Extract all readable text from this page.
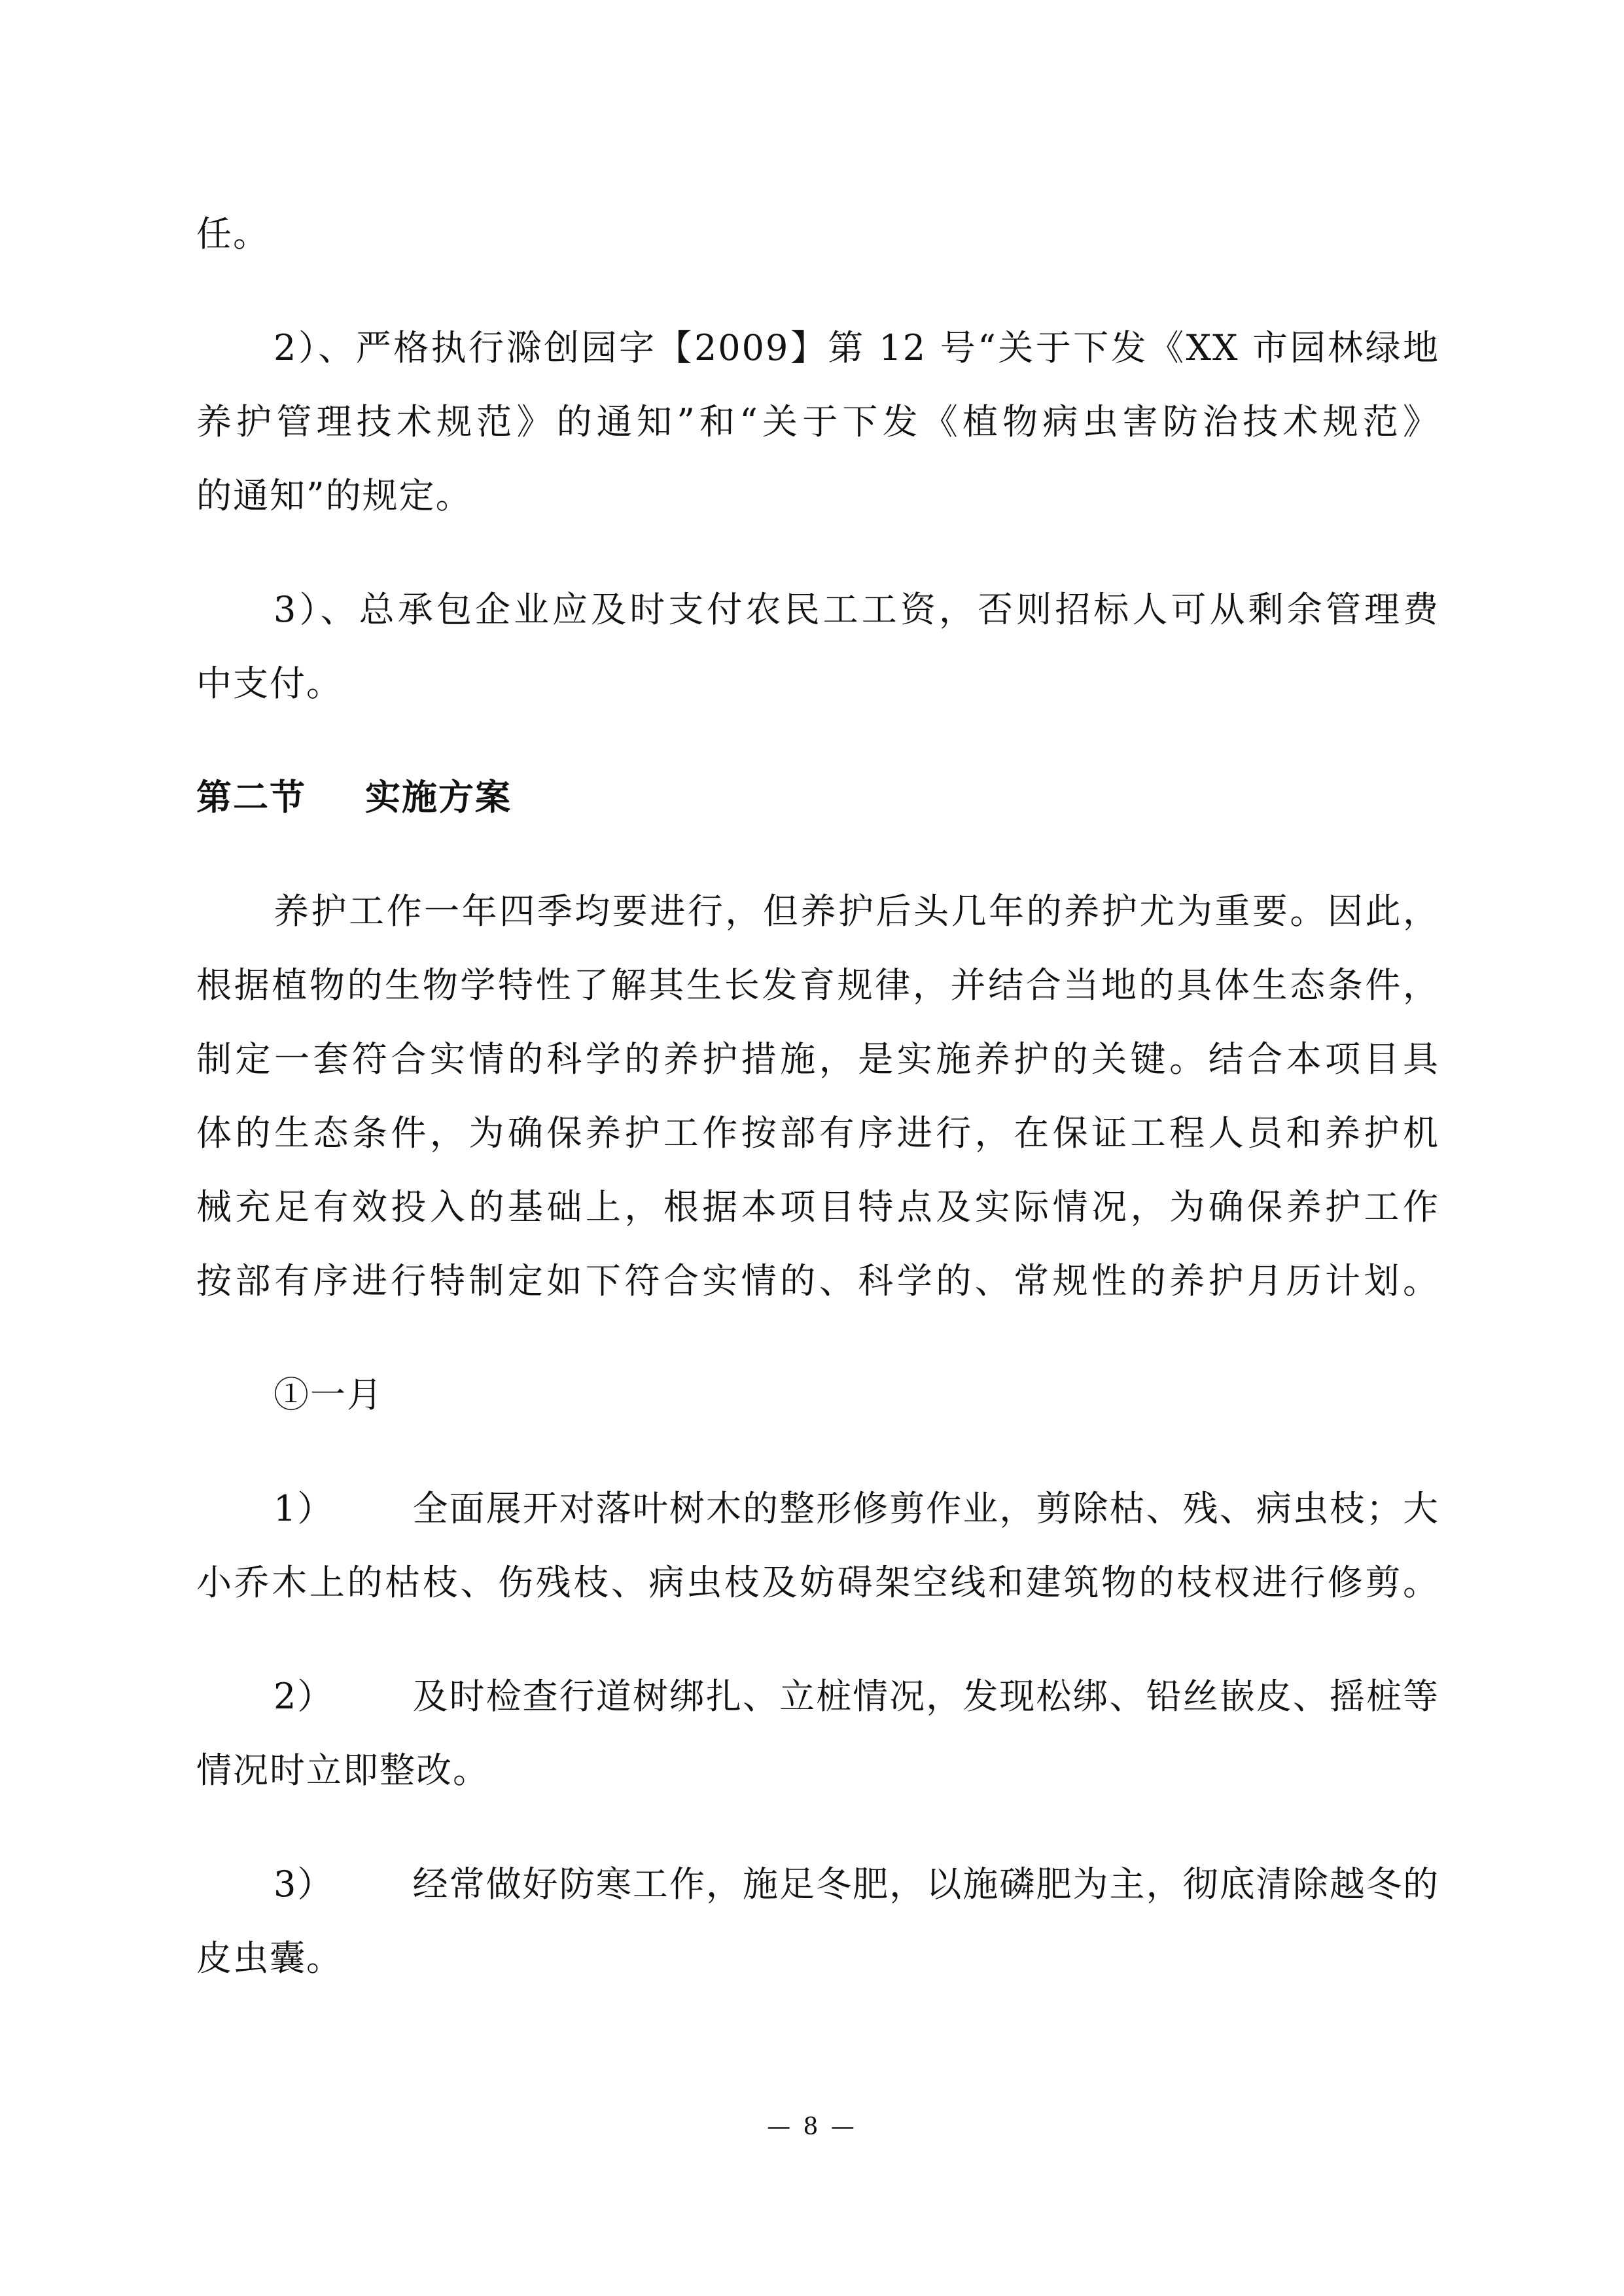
任。
2）、严格执行滁创园字【2009】第 12 号“关于下发《XX 市园林绿地
养护管理技术规范》的通知”和“关于下发《植物病虫害防治技术规范》
的通知”的规定。
3）、总承包企业应及时支付农民工工资，否则招标人可从剩余管理费
中支付。
第二节 实施方案
养护工作一年四季均要进行，但养护后头几年的养护尤为重要。因此，
根据植物的生物学特性了解其生长发育规律，并结合当地的具体生态条件，
制定一套符合实情的科学的养护措施，是实施养护的关键。结合本项目具
体的生态条件，为确保养护工作按部有序进行，在保证工程人员和养护机
械充足有效投入的基础上，根据本项目特点及实际情况，为确保养护工作
按部有序进行特制定如下符合实情的、科学的、常规性的养护月历计划。
①一月
1） 全面展开对落叶树木的整形修剪作业，剪除枯、残、病虫枝；大
小乔木上的枯枝、伤残枝、病虫枝及妨碍架空线和建筑物的枝杈进行修剪。
2） 及时检查行道树绑扎、立桩情况，发现松绑、铅丝嵌皮、摇桩等
情况时立即整改。
3） 经常做好防寒工作，施足冬肥，以施磷肥为主，彻底清除越冬的
皮虫囊。
— 8 —
